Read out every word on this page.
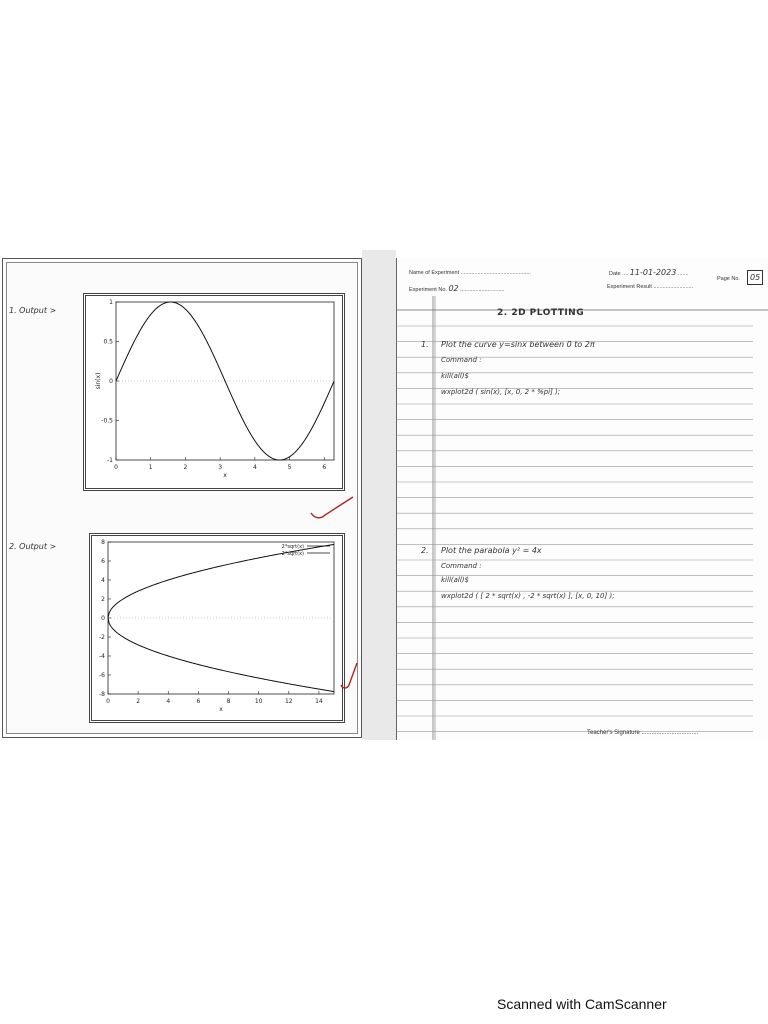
1. Output >
0	1	2	3	4	5	6
1
0.5
0
-0.5
-1
x
sin(x)
2. Output >
0	2	4	6	8	10	12	14
8
6
4
2
0
-2
-4
-6
-8
x
2*sqrt(x)
-2*sqrt(x)
Name of Experiment ..............................................	Date .... 11-01-2023 .......
Page No.	05
Experiment No. 02 .............................	Experiment Result ..........................
2. 2D PLOTTING
1. Plot the curve y=sinx between 0 to 2π
Command :
kill(all)$
wxplot2d ( sin(x), [x, 0, 2 * %pi] );
2. Plot the parabola y² = 4x
Command :
kill(all)$
wxplot2d ( [ 2 * sqrt(x) , -2 * sqrt(x) ], [x, 0, 10] );
Teacher's Signature ..................................
Scanned with CamScanner
